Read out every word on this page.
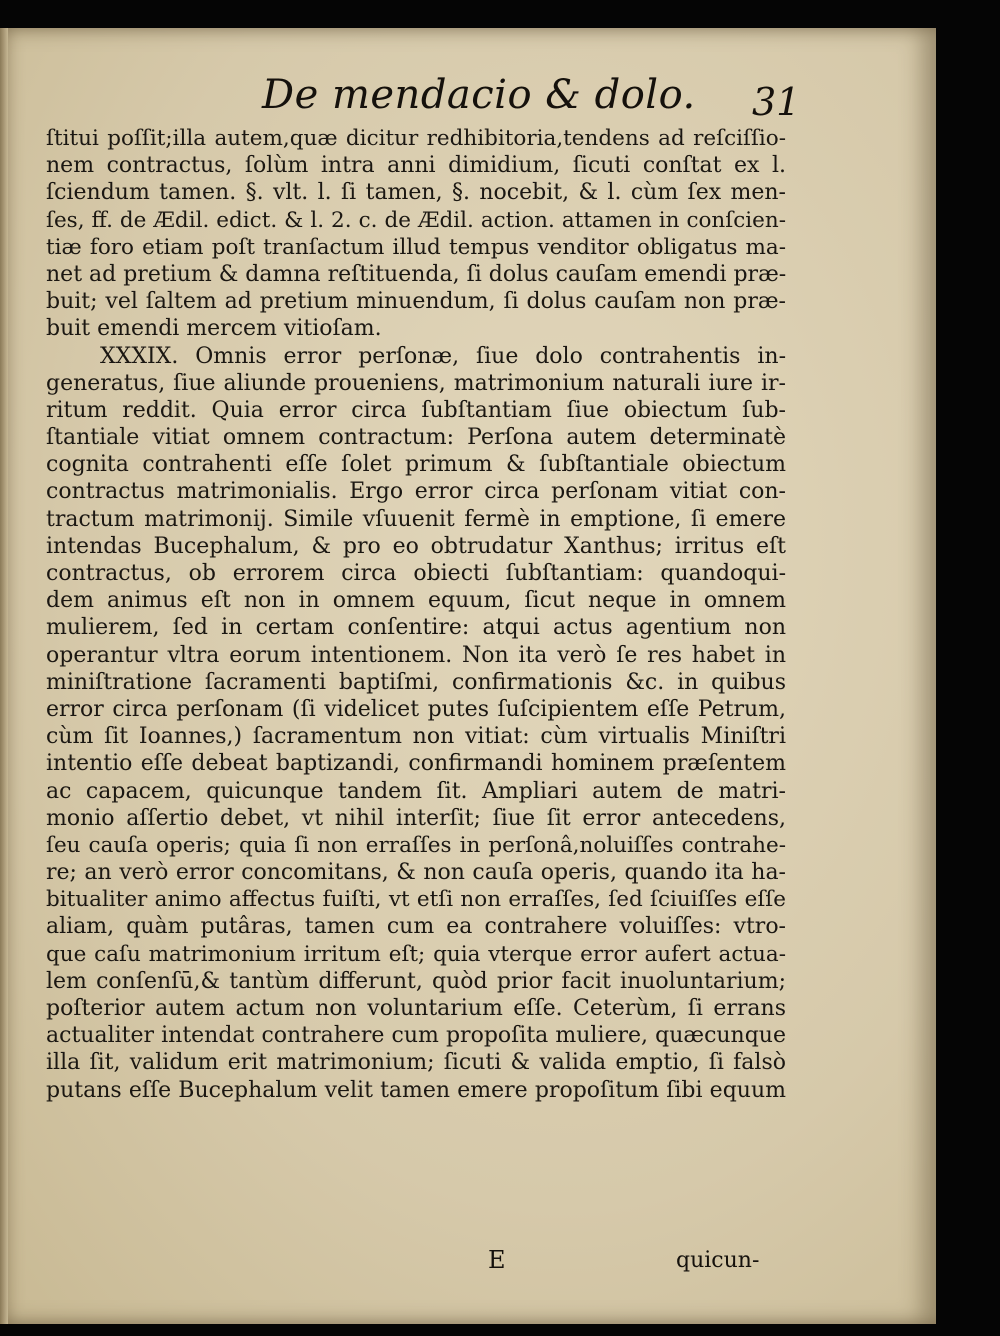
De mendacio & dolo. 31
ſtitui poſſit;illa autem,quæ dicitur redhibitoria,tendens ad reſciſſio-
nem contractus, ſolùm intra anni dimidium, ſicuti conſtat ex l.
ſciendum tamen. §. vlt. l. ſi tamen, §. nocebit, & l. cùm ſex men-
ſes, ff. de Ædil. edict. & l. 2. c. de Ædil. action. attamen in conſcien-
tiæ foro etiam poſt tranſactum illud tempus venditor obligatus ma-
net ad pretium & damna reſtituenda, ſi dolus cauſam emendi præ-
buit; vel ſaltem ad pretium minuendum, ſi dolus cauſam non præ-
buit emendi mercem vitioſam.
XXXIX. Omnis error perſonæ, ſiue dolo contrahentis in-
generatus, ſiue aliunde proueniens, matrimonium naturali iure ir-
ritum reddit. Quia error circa ſubſtantiam ſiue obiectum ſub-
ſtantiale vitiat omnem contractum: Perſona autem determinatè
cognita contrahenti eſſe ſolet primum & ſubſtantiale obiectum
contractus matrimonialis. Ergo error circa perſonam vitiat con-
tractum matrimonij. Simile vſuuenit fermè in emptione, ſi emere
intendas Bucephalum, & pro eo obtrudatur Xanthus; irritus eſt
contractus, ob errorem circa obiecti ſubſtantiam: quandoqui-
dem animus eſt non in omnem equum, ſicut neque in omnem
mulierem, ſed in certam conſentire: atqui actus agentium non
operantur vltra eorum intentionem. Non ita verò ſe res habet in
miniſtratione ſacramenti baptiſmi, confirmationis &c. in quibus
error circa perſonam (ſi videlicet putes ſuſcipientem eſſe Petrum,
cùm ſit Ioannes,) ſacramentum non vitiat: cùm virtualis Miniſtri
intentio eſſe debeat baptizandi, confirmandi hominem præſentem
ac capacem, quicunque tandem ſit. Ampliari autem de matri-
monio aſſertio debet, vt nihil interſit; ſiue ſit error antecedens,
ſeu cauſa operis; quia ſi non erraſſes in perſonâ,noluiſſes contrahe-
re; an verò error concomitans, & non cauſa operis, quando ita ha-
bitualiter animo affectus fuiſti, vt etſi non erraſſes, ſed ſciuiſſes eſſe
aliam, quàm putâras, tamen cum ea contrahere voluiſſes: vtro-
que caſu matrimonium irritum eſt; quia vterque error aufert actua-
lem conſenſū,& tantùm differunt, quòd prior facit inuoluntarium;
poſterior autem actum non voluntarium eſſe. Ceterùm, ſi errans
actualiter intendat contrahere cum propoſita muliere, quæcunque
illa ſit, validum erit matrimonium; ſicuti & valida emptio, ſi falsò
putans eſſe Bucephalum velit tamen emere propoſitum ſibi equum
E	quicun-
